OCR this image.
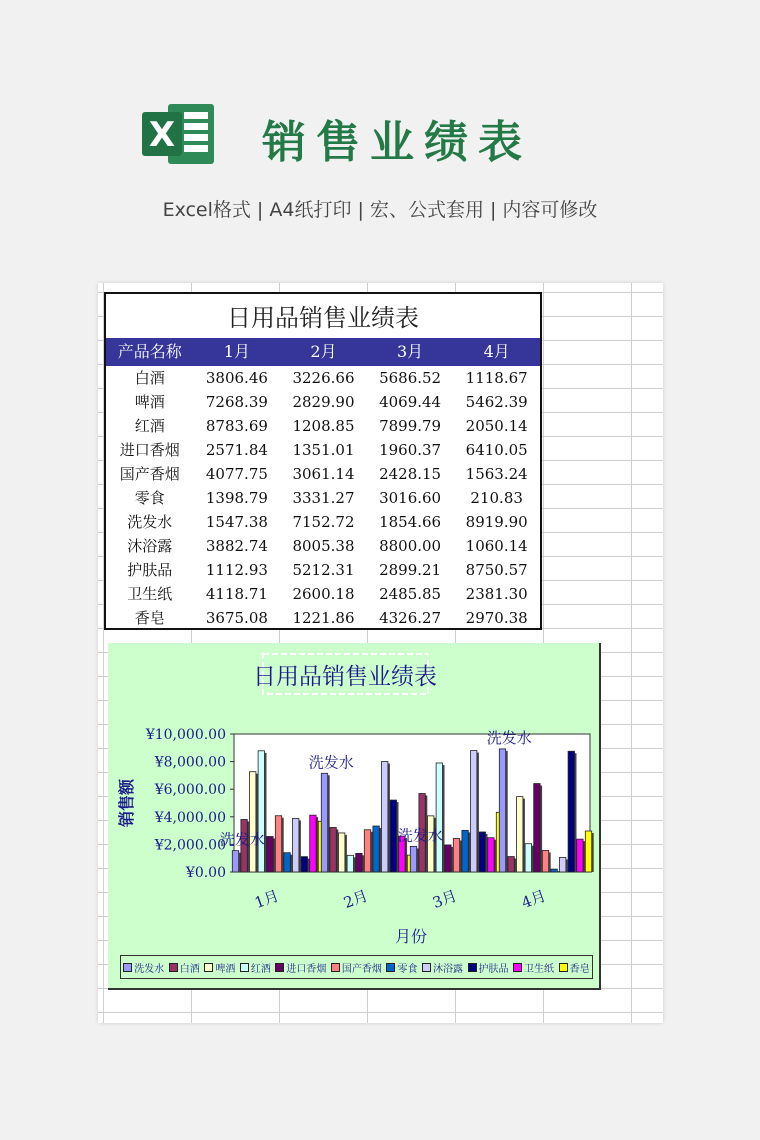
X 销售业绩表
Excel格式 | A4纸打印 | 宏、公式套用 | 内容可修改
日用品销售业绩表
产品名称	1月	2月	3月	4月
白酒	3806.46	3226.66	5686.52	1118.67
啤酒	7268.39	2829.90	4069.44	5462.39
红酒	8783.69	1208.85	7899.79	2050.14
进口香烟	2571.84	1351.01	1960.37	6410.05
国产香烟	4077.75	3061.14	2428.15	1563.24
零食	1398.79	3331.27	3016.60	210.83
洗发水	1547.38	7152.72	1854.66	8919.90
沐浴露	3882.74	8005.38	8800.00	1060.14
护肤品	1112.93	5212.31	2899.21	8750.57
卫生纸	4118.71	2600.18	2485.85	2381.30
香皂	3675.08	1221.86	4326.27	2970.38
日用品销售业绩表
¥0.00
¥2,000.00
¥4,000.00
¥6,000.00
¥8,000.00
¥10,000.00
销售额
1月	2月	3月	4月
洗发水
洗发水
洗发水
洗发水
月份
洗发水 白酒 啤酒 红酒 进口香烟 国产香烟 零食 沐浴露 护肤品 卫生纸 香皂
